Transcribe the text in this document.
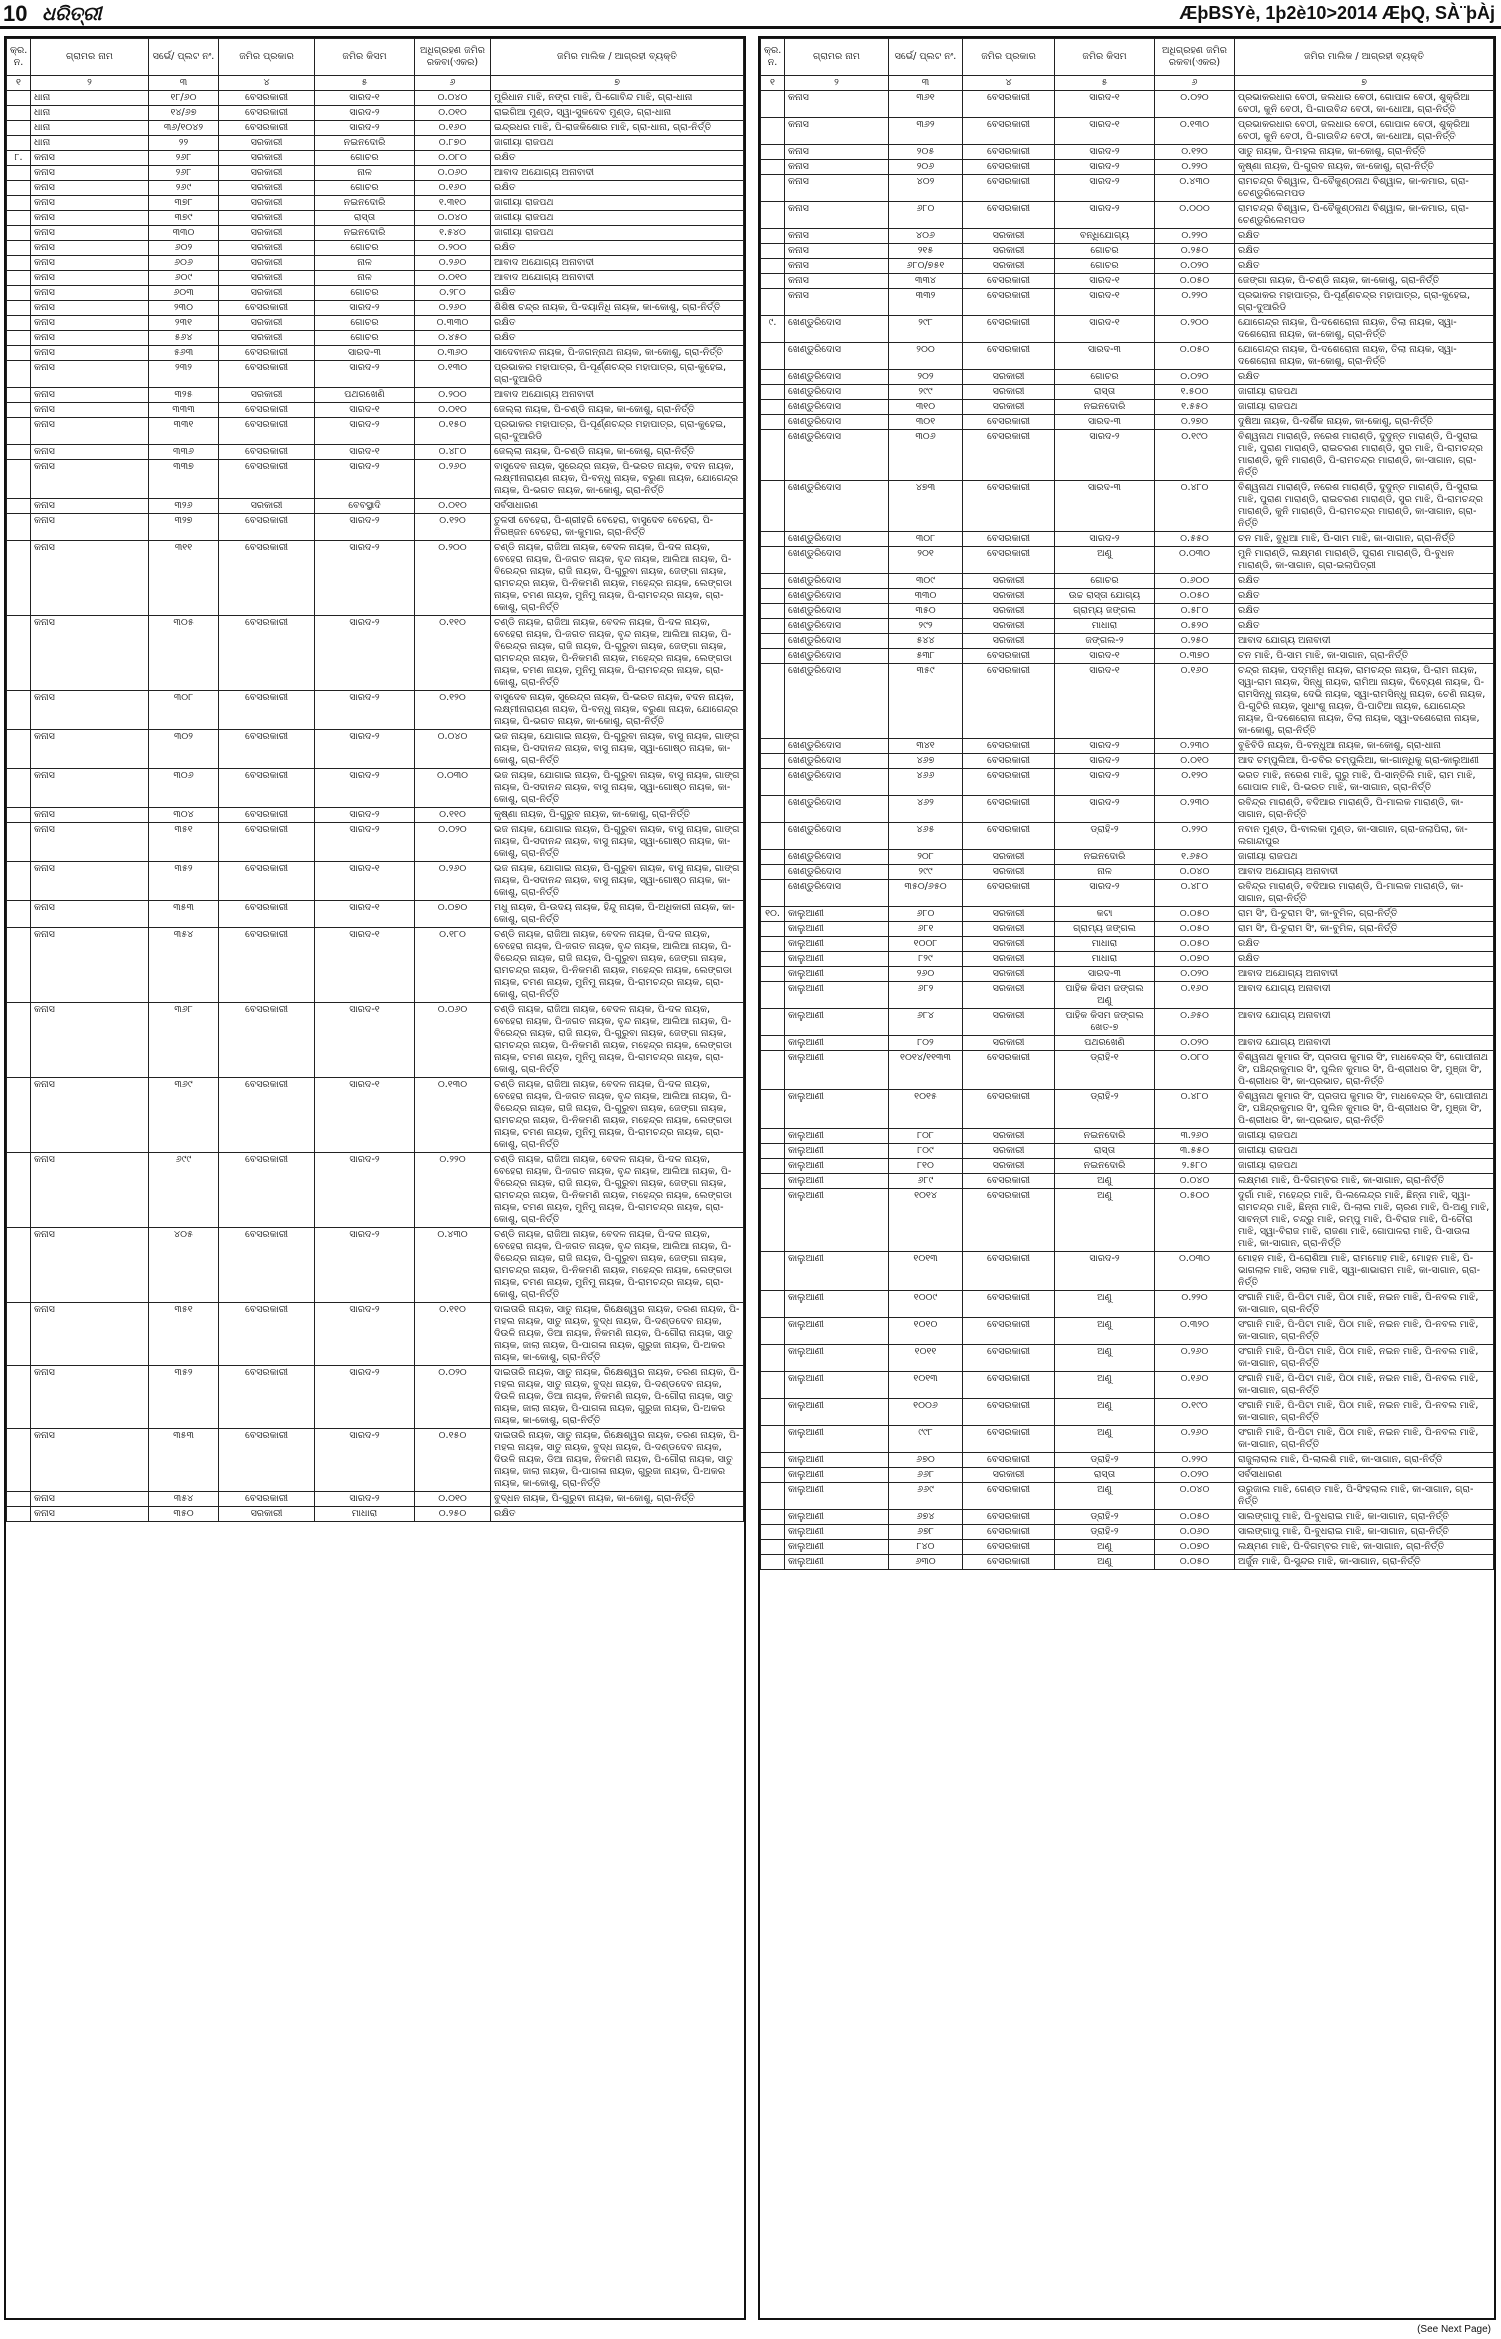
10 ଧରିତ୍ରୀ	ÆþBSYè, 1þ2è10>2014 ÆþQ, SÀ¨þÀj
କ୍ର. ନ.	ଗ୍ରାମର ନାମ	ସର୍ଭେ/ ପ୍ଲଟ ନଂ.	ଜମିର ପ୍ରକାର	ଜମିର କିସମ	ଅଧିଗ୍ରହଣ ଜମିର ରକବା(ଏକର)	ଜମିର ମାଲିକ / ଆଗ୍ରହୀ ବ୍ୟକ୍ତି
୧	୨	୩	୪	୫	୬	୭
	ଧାନା	୧୮/୬୦	ବେସରକାରୀ	ସାରଦ-୧	୦.୦୪୦	ମୁରିଧାନ ମାଝି, ନଙ୍ଗ ମାଝି, ପି-ଗୋବିନ୍ଦ ମାଝି, ଗ୍ରା-ଧାନା
	ଧାନା	୧୪/୬୭	ବେସରକାରୀ	ସାରଦ-୨	୦.୦୧୦	ରାଇଗିଆ ମୁଣ୍ଡ, ସ୍ୱା-ସୁକଦେବ ମୁଣ୍ଡ, ଗ୍ରା-ଧାନା
	ଧାନା	୩୬/୧୦୪୨	ବେସରକାରୀ	ସାରଦ-୨	୦.୧୬୦	ଇନ୍ଦ୍ରଧର ମାଝି, ପି-ରାଜକିଶୋର ମାଝି, ଗ୍ରା-ଧାନା, ଗ୍ରା-ନିର୍ତ୍ତି
	ଧାନା	୨୨	ସରକାରୀ	ନଇନଦୋରି	୦.୮୭୦	ଜାଗୀୟା ରାଜପଥ
୮.	କନାସ	୨୬୮	ସରକାରୀ	ଗୋଚର	୦.୦୮୦	ରକ୍ଷିତ
	କନାସ	୨୬୮	ସରକାରୀ	ନାଳ	୦.୦୬୦	ଆବାଦ ଅଯୋଗ୍ୟ ଅନାବାଦୀ
	କନାସ	୨୬୯	ସରକାରୀ	ଗୋଚର	୦.୧୬୦	ରକ୍ଷିତ
	କନାସ	୩୭୮	ସରକାରୀ	ନଇନଦୋରି	୧.୩୧୦	ଜାଗୀୟା ରାଜପଥ
	କନାସ	୩୭୯	ସରକାରୀ	ରାସ୍ତା	୦.୦୪୦	ଜାଗୀୟା ରାଜପଥ
	କନାସ	୩୩୦	ସରକାରୀ	ନଇନଦୋରି	୧.୫୪୦	ଜାଗୀୟା ରାଜପଥ
	କନାସ	୬୦୨	ସରକାରୀ	ଗୋଚର	୦.୨୦୦	ରକ୍ଷିତ
	କନାସ	୬୦୬	ସରକାରୀ	ନାଳ	୦.୨୬୦	ଆବାଦ ଅଯୋଗ୍ୟ ଅନାବାଦୀ
	କନାସ	୬୦୯	ସରକାରୀ	ନାଳ	୦.୦୧୦	ଆବାଦ ଅଯୋଗ୍ୟ ଅନାବାଦୀ
	କନାସ	୬୦୩	ସରକାରୀ	ଗୋଚର	୦.୨୮୦	ରକ୍ଷିତ
	କନାସ	୨୩୦	ବେସରକାରୀ	ସାରଦ-୨	୦.୨୬୦	ଶିଶିଷ ଚନ୍ଦ୍ର ନାୟକ, ପି-ଦୟାନିଧି ନାୟକ, କା-କୋଶୁ, ଗ୍ରା-ନିର୍ତ୍ତି
	କନାସ	୨୩୧	ସରକାରୀ	ଗୋଚର	୦.୩୩୦	ରକ୍ଷିତ
	କନାସ	୫୬୪	ସରକାରୀ	ଗୋଚର	୦.୪୫୦	ରକ୍ଷିତ
	କନାସ	୫୬୩	ବେସରକାରୀ	ସାରଦ-୩	୦.୩୬୦	ସାଦେବାନନ୍ଦ ନାୟକ, ପି-ଜଗନ୍ନାଥ ନାୟକ, କା-କୋଶୁ, ଗ୍ରା-ନିର୍ତ୍ତି
	କନାସ	୨୩୨	ବେସରକାରୀ	ସାରଦ-୨	୦.୧୩୦	ପ୍ରଭାକର ମହାପାତ୍ର, ପି-ପୂର୍ଣ୍ଣଚନ୍ଦ୍ର ମହାପାତ୍ର, ଗ୍ରା-କୁହେଇ, ଗ୍ରା-ଦୁଆରିଡି
	କନାସ	୩୨୫	ସରକାରୀ	ପଥରଖେଣି	୦.୨୦୦	ଆବାଦ ଅଯୋଗ୍ୟ ଅନାବାଦୀ
	କନାସ	୩୩୩	ବେସରକାରୀ	ସାରଦ-୧	୦.୦୧୦	ଜେଲ୍ଲା ନାୟକ, ପି-ଚଣ୍ଡି ନାୟକ, କା-କୋଶୁ, ଗ୍ରା-ନିର୍ତ୍ତି
	କନାସ	୩୩୧	ବେସରକାରୀ	ସାରଦ-୨	୦.୧୫୦	ପ୍ରଭାକର ମହାପାତ୍ର, ପି-ପୂର୍ଣ୍ଣଚନ୍ଦ୍ର ମହାପାତ୍ର, ଗ୍ରା-କୁହେଇ, ଗ୍ରା-ଦୁଆରିଡି
	କନାସ	୩୩୬	ବେସରକାରୀ	ସାରଦ-୧	୦.୪୮୦	ଜେଲ୍ଲା ନାୟକ, ପି-ଚଣ୍ଡି ନାୟକ, କା-କୋଶୁ, ଗ୍ରା-ନିର୍ତ୍ତି
	କନାସ	୩୩୭	ବେସରକାରୀ	ସାରଦ-୨	୦.୨୬୦	ବାସୁଦେବ ନାୟକ, ସୁରେନ୍ଦ୍ର ନାୟକ, ପି-ଭରତ ନାୟକ, ବଦନ ନାୟକ, ଲକ୍ଷ୍ମୀନାରାୟଣ ନାୟକ, ପି-ବନ୍ଧୁ ନାୟକ, ବରୁଣା ନାୟକ, ଯୋଗେନ୍ଦ୍ର ନାୟକ, ପି-ଭଗତ ନାୟକ, କା-କୋଶୁ, ଗ୍ରା-ନିର୍ତ୍ତି
	କନାସ	୩୨୬	ସରକାରୀ	ବେବସ୍ଥାଦି	୦.୦୧୦	ସର୍ବସାଧାରଣ
	କନାସ	୩୨୭	ବେସରକାରୀ	ସାରଦ-୨	୦.୧୨୦	ତୁଳସୀ ବେହେରା, ପି-ଶ୍ରୀହରି ବେହେରା, ବାସୁଦେବ ବେହେରା, ପି-ନିରଞ୍ଜନ ବେହେରା, କା-କୁମାର, ଗ୍ରା-ନିର୍ତ୍ତି
	କନାସ	୩୧୧	ବେସରକାରୀ	ସାରଦ-୨	୦.୨୦୦	ଚଣ୍ଡି ନାୟକ, ରାଜିଆ ନାୟକ, ବେଦଳ ନାୟକ, ପି-ଦଳ ନାୟକ, ବେହେରା ନାୟକ, ପି-ଜଗତ ନାୟକ, ବୃନ୍ଦ ନାୟକ, ଆଲିଆ ନାୟକ, ପି-ବିରେନ୍ଦ୍ର ନାୟକ, ରାଜି ନାୟକ, ପି-ଗୁରୁବା ନାୟକ, ଜେଙ୍ଗା ନାୟକ, ରାମଚନ୍ଦ୍ର ନାୟକ, ପି-ନିକମଣି ନାୟକ, ମହେନ୍ଦ୍ର ନାୟକ, ଲେଙ୍ଗଡା ନାୟକ, ଚମଣ ନାୟକ, ମୁନିମୁ ନାୟକ, ପି-ରାମଚନ୍ଦ୍ର ନାୟକ, ଗ୍ରା-କୋଶୁ, ଗ୍ରା-ନିର୍ତ୍ତି
	କନାସ	୩୦୫	ବେସରକାରୀ	ସାରଦ-୨	୦.୧୧୦	ଚଣ୍ଡି ନାୟକ, ରାଜିଆ ନାୟକ, ବେଦଳ ନାୟକ, ପି-ଦଳ ନାୟକ, ବେହେରା ନାୟକ, ପି-ଜଗତ ନାୟକ, ବୃନ୍ଦ ନାୟକ, ଆଲିଆ ନାୟକ, ପି-ବିରେନ୍ଦ୍ର ନାୟକ, ରାଜି ନାୟକ, ପି-ଗୁରୁବା ନାୟକ, ଜେଙ୍ଗା ନାୟକ, ରାମଚନ୍ଦ୍ର ନାୟକ, ପି-ନିକମଣି ନାୟକ, ମହେନ୍ଦ୍ର ନାୟକ, ଲେଙ୍ଗଡା ନାୟକ, ଚମଣ ନାୟକ, ମୁନିମୁ ନାୟକ, ପି-ରାମଚନ୍ଦ୍ର ନାୟକ, ଗ୍ରା-କୋଶୁ, ଗ୍ରା-ନିର୍ତ୍ତି
	କନାସ	୩୦୮	ବେସରକାରୀ	ସାରଦ-୨	୦.୧୨୦	ବାସୁଦେବ ନାୟକ, ସୁରେନ୍ଦ୍ର ନାୟକ, ପି-ଭରତ ନାୟକ, ବଦନ ନାୟକ, ଲକ୍ଷ୍ମୀନାରାୟଣ ନାୟକ, ପି-ବନ୍ଧୁ ନାୟକ, ବରୁଣା ନାୟକ, ଯୋଗେନ୍ଦ୍ର ନାୟକ, ପି-ଭଗତ ନାୟକ, କା-କୋଶୁ, ଗ୍ରା-ନିର୍ତ୍ତି
	କନାସ	୩୦୨	ବେସରକାରୀ	ସାରଦ-୨	୦.୦୪୦	ଭଜ ନାୟକ, ଯୋଗାଇ ନାୟକ, ପି-ଗୁରୁବା ନାୟକ, ବାସୁ ନାୟକ, ଗାଙ୍ଗ ନାୟକ, ପି-ସଦାନନ୍ଦ ନାୟକ, ବାସୁ ନାୟକ, ସ୍ୱା-ଗୋଷ୍ଠ ନାୟକ, କା-କୋଶୁ, ଗ୍ରା-ନିର୍ତ୍ତି
	କନାସ	୩୦୬	ବେସରକାରୀ	ସାରଦ-୨	୦.୦୩୦	ଭଜ ନାୟକ, ଯୋଗାଇ ନାୟକ, ପି-ଗୁରୁବା ନାୟକ, ବାସୁ ନାୟକ, ଗାଙ୍ଗ ନାୟକ, ପି-ସଦାନନ୍ଦ ନାୟକ, ବାସୁ ନାୟକ, ସ୍ୱା-ଗୋଷ୍ଠ ନାୟକ, କା-କୋଶୁ, ଗ୍ରା-ନିର୍ତ୍ତି
	କନାସ	୩୦୪	ବେସରକାରୀ	ସାରଦ-୨	୦.୧୧୦	କୃଷ୍ଣା ନାୟକ, ପି-ଗୁରୁବ ନାୟକ, କା-କୋଶୁ, ଗ୍ରା-ନିର୍ତ୍ତି
	କନାସ	୩୫୧	ବେସରକାରୀ	ସାରଦ-୨	୦.୦୨୦	ଭଜ ନାୟକ, ଯୋଗାଇ ନାୟକ, ପି-ଗୁରୁବା ନାୟକ, ବାସୁ ନାୟକ, ଗାଙ୍ଗ ନାୟକ, ପି-ସଦାନନ୍ଦ ନାୟକ, ବାସୁ ନାୟକ, ସ୍ୱା-ଗୋଷ୍ଠ ନାୟକ, କା-କୋଶୁ, ଗ୍ରା-ନିର୍ତ୍ତି
	କନାସ	୩୫୨	ବେସରକାରୀ	ସାରଦ-୧	୦.୨୬୦	ଭଜ ନାୟକ, ଯୋଗାଇ ନାୟକ, ପି-ଗୁରୁବା ନାୟକ, ବାସୁ ନାୟକ, ଗାଙ୍ଗ ନାୟକ, ପି-ସଦାନନ୍ଦ ନାୟକ, ବାସୁ ନାୟକ, ସ୍ୱା-ଗୋଷ୍ଠ ନାୟକ, କା-କୋଶୁ, ଗ୍ରା-ନିର୍ତ୍ତି
	କନାସ	୩୫୩	ବେସରକାରୀ	ସାରଦ-୧	୦.୦୭୦	ମଧୁ ନାୟକ, ପି-ଉଦୟ ନାୟକ, ହିନ୍ଦୁ ନାୟକ, ପି-ଅଧିକାରୀ ନାୟକ, କା-କୋଶୁ, ଗ୍ରା-ନିର୍ତ୍ତି
	କନାସ	୩୫୪	ବେସରକାରୀ	ସାରଦ-୧	୦.୧୮୦	ଚଣ୍ଡି ନାୟକ, ରାଜିଆ ନାୟକ, ବେଦଳ ନାୟକ, ପି-ଦଳ ନାୟକ, ବେହେରା ନାୟକ, ପି-ଜଗତ ନାୟକ, ବୃନ୍ଦ ନାୟକ, ଆଲିଆ ନାୟକ, ପି-ବିରେନ୍ଦ୍ର ନାୟକ, ରାଜି ନାୟକ, ପି-ଗୁରୁବା ନାୟକ, ଜେଙ୍ଗା ନାୟକ, ରାମଚନ୍ଦ୍ର ନାୟକ, ପି-ନିକମଣି ନାୟକ, ମହେନ୍ଦ୍ର ନାୟକ, ଲେଙ୍ଗଡା ନାୟକ, ଚମଣ ନାୟକ, ମୁନିମୁ ନାୟକ, ପି-ରାମଚନ୍ଦ୍ର ନାୟକ, ଗ୍ରା-କୋଶୁ, ଗ୍ରା-ନିର୍ତ୍ତି
	କନାସ	୩୬୮	ବେସରକାରୀ	ସାରଦ-୧	୦.୦୬୦	ଚଣ୍ଡି ନାୟକ, ରାଜିଆ ନାୟକ, ବେଦଳ ନାୟକ, ପି-ଦଳ ନାୟକ, ବେହେରା ନାୟକ, ପି-ଜଗତ ନାୟକ, ବୃନ୍ଦ ନାୟକ, ଆଲିଆ ନାୟକ, ପି-ବିରେନ୍ଦ୍ର ନାୟକ, ରାଜି ନାୟକ, ପି-ଗୁରୁବା ନାୟକ, ଜେଙ୍ଗା ନାୟକ, ରାମଚନ୍ଦ୍ର ନାୟକ, ପି-ନିକମଣି ନାୟକ, ମହେନ୍ଦ୍ର ନାୟକ, ଲେଙ୍ଗଡା ନାୟକ, ଚମଣ ନାୟକ, ମୁନିମୁ ନାୟକ, ପି-ରାମଚନ୍ଦ୍ର ନାୟକ, ଗ୍ରା-କୋଶୁ, ଗ୍ରା-ନିର୍ତ୍ତି
	କନାସ	୩୬୯	ବେସରକାରୀ	ସାରଦ-୧	୦.୧୩୦	ଚଣ୍ଡି ନାୟକ, ରାଜିଆ ନାୟକ, ବେଦଳ ନାୟକ, ପି-ଦଳ ନାୟକ, ବେହେରା ନାୟକ, ପି-ଜଗତ ନାୟକ, ବୃନ୍ଦ ନାୟକ, ଆଲିଆ ନାୟକ, ପି-ବିରେନ୍ଦ୍ର ନାୟକ, ରାଜି ନାୟକ, ପି-ଗୁରୁବା ନାୟକ, ଜେଙ୍ଗା ନାୟକ, ରାମଚନ୍ଦ୍ର ନାୟକ, ପି-ନିକମଣି ନାୟକ, ମହେନ୍ଦ୍ର ନାୟକ, ଲେଙ୍ଗଡା ନାୟକ, ଚମଣ ନାୟକ, ମୁନିମୁ ନାୟକ, ପି-ରାମଚନ୍ଦ୍ର ନାୟକ, ଗ୍ରା-କୋଶୁ, ଗ୍ରା-ନିର୍ତ୍ତି
	କନାସ	୬୯୯	ବେସରକାରୀ	ସାରଦ-୨	୦.୨୨୦	ଚଣ୍ଡି ନାୟକ, ରାଜିଆ ନାୟକ, ବେଦଳ ନାୟକ, ପି-ଦଳ ନାୟକ, ବେହେରା ନାୟକ, ପି-ଜଗତ ନାୟକ, ବୃନ୍ଦ ନାୟକ, ଆଲିଆ ନାୟକ, ପି-ବିରେନ୍ଦ୍ର ନାୟକ, ରାଜି ନାୟକ, ପି-ଗୁରୁବା ନାୟକ, ଜେଙ୍ଗା ନାୟକ, ରାମଚନ୍ଦ୍ର ନାୟକ, ପି-ନିକମଣି ନାୟକ, ମହେନ୍ଦ୍ର ନାୟକ, ଲେଙ୍ଗଡା ନାୟକ, ଚମଣ ନାୟକ, ମୁନିମୁ ନାୟକ, ପି-ରାମଚନ୍ଦ୍ର ନାୟକ, ଗ୍ରା-କୋଶୁ, ଗ୍ରା-ନିର୍ତ୍ତି
	କନାସ	୪୦୫	ବେସରକାରୀ	ସାରଦ-୨	୦.୪୩୦	ଚଣ୍ଡି ନାୟକ, ରାଜିଆ ନାୟକ, ବେଦଳ ନାୟକ, ପି-ଦଳ ନାୟକ, ବେହେରା ନାୟକ, ପି-ଜଗତ ନାୟକ, ବୃନ୍ଦ ନାୟକ, ଆଲିଆ ନାୟକ, ପି-ବିରେନ୍ଦ୍ର ନାୟକ, ରାଜି ନାୟକ, ପି-ଗୁରୁବା ନାୟକ, ଜେଙ୍ଗା ନାୟକ, ରାମଚନ୍ଦ୍ର ନାୟକ, ପି-ନିକମଣି ନାୟକ, ମହେନ୍ଦ୍ର ନାୟକ, ଲେଙ୍ଗଡା ନାୟକ, ଚମଣ ନାୟକ, ମୁନିମୁ ନାୟକ, ପି-ରାମଚନ୍ଦ୍ର ନାୟକ, ଗ୍ରା-କୋଶୁ, ଗ୍ରା-ନିର୍ତ୍ତି
	କନାସ	୩୫୧	ବେସରକାରୀ	ସାରଦ-୨	୦.୧୧୦	ଦାଇତାରି ନାୟକ, ସାତୁ ନାୟକ, ରିକ୍ଷେଶ୍ୱର ନାୟକ, ତରଣ ନାୟକ, ପି-ମହଲ ନାୟକ, ସାତୁ ନାୟକ, ବୁଦ୍ଧ ନାୟକ, ପି-ଦଣ୍ଡଦେବ ନାୟକ, ଦିଉଳି ନାୟକ, ଡିଆ ନାୟକ, ନିକମଣି ନାୟକ, ପି-ଗୌରା ନାୟକ, ସାତୁ ନାୟକ, ଜାଲା ନାୟକ, ପି-ପାଗଳା ନାୟକ, ଗୁରୁଜା ନାୟକ, ପି-ଅକର ନାୟକ, କା-କୋଶୁ, ଗ୍ରା-ନିର୍ତ୍ତି
	କନାସ	୩୫୨	ବେସରକାରୀ	ସାରଦ-୨	୦.୦୨୦	ଦାଇତାରି ନାୟକ, ସାତୁ ନାୟକ, ରିକ୍ଷେଶ୍ୱର ନାୟକ, ତରଣ ନାୟକ, ପି-ମହଲ ନାୟକ, ସାତୁ ନାୟକ, ବୁଦ୍ଧ ନାୟକ, ପି-ଦଣ୍ଡଦେବ ନାୟକ, ଦିଉଳି ନାୟକ, ଡିଆ ନାୟକ, ନିକମଣି ନାୟକ, ପି-ଗୌରା ନାୟକ, ସାତୁ ନାୟକ, ଜାଲା ନାୟକ, ପି-ପାଗଳା ନାୟକ, ଗୁରୁଜା ନାୟକ, ପି-ଅକର ନାୟକ, କା-କୋଶୁ, ଗ୍ରା-ନିର୍ତ୍ତି
	କନାସ	୩୫୩	ବେସରକାରୀ	ସାରଦ-୨	୦.୧୫୦	ଦାଇତାରି ନାୟକ, ସାତୁ ନାୟକ, ରିକ୍ଷେଶ୍ୱର ନାୟକ, ତରଣ ନାୟକ, ପି-ମହଲ ନାୟକ, ସାତୁ ନାୟକ, ବୁଦ୍ଧ ନାୟକ, ପି-ଦଣ୍ଡଦେବ ନାୟକ, ଦିଉଳି ନାୟକ, ଡିଆ ନାୟକ, ନିକମଣି ନାୟକ, ପି-ଗୌରା ନାୟକ, ସାତୁ ନାୟକ, ଜାଲା ନାୟକ, ପି-ପାଗଳା ନାୟକ, ଗୁରୁଜା ନାୟକ, ପି-ଅକର ନାୟକ, କା-କୋଶୁ, ଗ୍ରା-ନିର୍ତ୍ତି
	କନାସ	୩୫୪	ବେସରକାରୀ	ସାରଦ-୨	୦.୦୧୦	ବୁଦ୍ଧନ ନାୟକ, ପି-ଗୁରୁବା ନାୟକ, କା-କୋଶୁ, ଗ୍ରା-ନିର୍ତ୍ତି
	କନାସ	୩୫୦	ସରକାରୀ	ମାଧାରା	୦.୨୫୦	ରକ୍ଷିତ
କ୍ର. ନ.	ଗ୍ରାମର ନାମ	ସର୍ଭେ/ ପ୍ଲଟ ନଂ.	ଜମିର ପ୍ରକାର	ଜମିର କିସମ	ଅଧିଗ୍ରହଣ ଜମିର ରକବା(ଏକର)	ଜମିର ମାଲିକ / ଆଗ୍ରହୀ ବ୍ୟକ୍ତି
୧	୨	୩	୪	୫	୬	୭
	କନାସ	୩୬୧	ବେସରକାରୀ	ସାରଦ-୧	୦.୦୨୦	ପ୍ରଭାକରଧାର ବେଠୀ, ଜଲଧାର ବେଠୀ, ଗୋପାଳ ବେଠୀ, ଶୁକ୍ରିଆ ବେଠୀ, କୁନି ବେଠୀ, ପି-ଗାଉବିନ୍ଦ ବେଠୀ, କା-ଧୋଆ, ଗ୍ରା-ନିର୍ତ୍ତି
	କନାସ	୩୬୨	ବେସରକାରୀ	ସାରଦ-୧	୦.୧୩୦	ପ୍ରଭାକରଧାର ବେଠୀ, ଜଲଧାର ବେଠୀ, ଗୋପାଳ ବେଠୀ, ଶୁକ୍ରିଆ ବେଠୀ, କୁନି ବେଠୀ, ପି-ଗାଉବିନ୍ଦ ବେଠୀ, କା-ଧୋଆ, ଗ୍ରା-ନିର୍ତ୍ତି
	କନାସ	୨୦୫	ବେସରକାରୀ	ସାରଦ-୨	୦.୧୨୦	ସାତୁ ନାୟକ, ପି-ମହଲ ନାୟକ, କା-କୋଶୁ, ଗ୍ରା-ନିର୍ତ୍ତି
	କନାସ	୨୦୬	ବେସରକାରୀ	ସାରଦ-୨	୦.୨୨୦	କୃଷ୍ଣା ନାୟକ, ପି-ଗୁରବ ନାୟକ, କା-କୋଶୁ, ଗ୍ରା-ନିର୍ତ୍ତି
	କନାସ	୪୦୨	ବେସରକାରୀ	ସାରଦ-୨	୦.୪୩୦	ରାମଚନ୍ଦ୍ର ବିଶ୍ୱାଳ, ପି-ବୈକୁଣ୍ଠନାଥ ବିଶ୍ୱାଳ, କା-କମାର, ଗ୍ରା-ଚେଣ୍ଡୁରିଲେମପଡ
	କନାସ	୬୮୦	ବେସରକାରୀ	ସାରଦ-୨	୦.୦୦୦	ରାମଚନ୍ଦ୍ର ବିଶ୍ୱାଳ, ପି-ବୈକୁଣ୍ଠନାଥ ବିଶ୍ୱାଳ, କା-କମାର, ଗ୍ରା-ଚେଣ୍ଡୁରିଲେମପଡ
	କନାସ	୪୦୬	ସରକାରୀ	ବନ୍ଧିଯୋଗ୍ୟ	୦.୨୨୦	ରକ୍ଷିତ
	କନାସ	୨୧୫	ସରକାରୀ	ଗୋଚର	୦.୨୫୦	ରକ୍ଷିତ
	କନାସ	୬୮୦/୭୫୧	ସରକାରୀ	ଗୋଚର	୦.୦୨୦	ରକ୍ଷିତ
	କନାସ	୩୩୪	ବେସରକାରୀ	ସାରଦ-୧	୦.୦୫୦	ଜେଙ୍ଗା ନାୟକ, ପି-ଚଣ୍ଡି ନାୟକ, କା-କୋଶୁ, ଗ୍ରା-ନିର୍ତ୍ତି
	କନାସ	୩୩୨	ବେସରକାରୀ	ସାରଦ-୧	୦.୨୨୦	ପ୍ରଭାକର ମହାପାତ୍ର, ପି-ପୂର୍ଣ୍ଣଚନ୍ଦ୍ର ମହାପାତ୍ର, ଗ୍ରା-କୁହେଇ, ଗ୍ରା-ଦୁଆରିଡି
୯.	ଖେଣ୍ଡୁରିଦୋସ	୨୯୮	ବେସରକାରୀ	ସାରଦ-୧	୦.୨୦୦	ଯୋଗେନ୍ଦ୍ର ନାୟକ, ପି-ଦଶେରୋନା ନାୟକ, ତିଲା ନାୟକ, ସ୍ୱା-ଦଶେରୋନା ନାୟକ, କା-କୋଶୁ, ଗ୍ରା-ନିର୍ତ୍ତି
	ଖେଣ୍ଡୁରିଦୋସ	୨୦୦	ବେସରକାରୀ	ସାରଦ-୩	୦.୦୫୦	ଯୋଗେନ୍ଦ୍ର ନାୟକ, ପି-ଦଶେରୋନା ନାୟକ, ତିଲା ନାୟକ, ସ୍ୱା-ଦଶେରୋନା ନାୟକ, କା-କୋଶୁ, ଗ୍ରା-ନିର୍ତ୍ତି
	ଖେଣ୍ଡୁରିଦୋସ	୨୦୨	ସରକାରୀ	ଗୋଚର	୦.୦୨୦	ରକ୍ଷିତ
	ଖେଣ୍ଡୁରିଦୋସ	୨୯୯	ସରକାରୀ	ରାସ୍ତା	୧.୫୦୦	ଜାଗୀୟା ରାଜପଥ
	ଖେଣ୍ଡୁରିଦୋସ	୩୧୦	ସରକାରୀ	ନଇନଦୋରି	୧.୫୫୦	ଜାଗୀୟା ରାଜପଥ
	ଖେଣ୍ଡୁରିଦୋସ	୩୦୧	ବେସରକାରୀ	ସାରଦ-୩	୦.୨୭୦	ଦୁଷିଆ ନାୟକ, ପି-ଦର୍ଶିକ ନାୟକ, କା-କୋଶୁ, ଗ୍ରା-ନିର୍ତ୍ତି
	ଖେଣ୍ଡୁରିଦୋସ	୩୦୬	ବେସରକାରୀ	ସାରଦ-୨	୦.୧୯୦	ବିଶ୍ୱନାଥ ମାରାଣ୍ଡି, ନରେଶ ମାରାଣ୍ଡି, ଦୁଦୁନ୍ତ ମାରାଣ୍ଡି, ପି-ସୁରାଇ ମାଝି, ପୁରାଣ ମାରାଣ୍ଡି, ରାଇଚରଣ ମାରାଣ୍ଡି, ସୁର ମାଝି, ପି-ରାମଚନ୍ଦ୍ର ମାରାଣ୍ଡି, କୁନି ମାରାଣ୍ଡି, ପି-ରାମଚନ୍ଦ୍ର ମାରାଣ୍ଡି, କା-ସାଗାନ, ଗ୍ରା-ନିର୍ତ୍ତି
	ଖେଣ୍ଡୁରିଦୋସ	୪୭୩	ବେସରକାରୀ	ସାରଦ-୩	୦.୪୮୦	ବିଶ୍ୱନାଥ ମାରାଣ୍ଡି, ନରେଶ ମାରାଣ୍ଡି, ଦୁଦୁନ୍ତ ମାରାଣ୍ଡି, ପି-ସୁରାଇ ମାଝି, ପୁରାଣ ମାରାଣ୍ଡି, ରାଇଚରଣ ମାରାଣ୍ଡି, ସୁର ମାଝି, ପି-ରାମଚନ୍ଦ୍ର ମାରାଣ୍ଡି, କୁନି ମାରାଣ୍ଡି, ପି-ରାମଚନ୍ଦ୍ର ମାରାଣ୍ଡି, କା-ସାଗାନ, ଗ୍ରା-ନିର୍ତ୍ତି
	ଖେଣ୍ଡୁରିଦୋସ	୩୦୮	ବେସରକାରୀ	ସାରଦ-୨	୦.୫୫୦	ଚନ ମାଝି, ବୁଧିଆ ମାଝି, ପି-ସାମ ମାଝି, କା-ସାଗାନ, ଗ୍ରା-ନିର୍ତ୍ତି
	ଖେଣ୍ଡୁରିଦୋସ	୨୦୧	ବେସରକାରୀ	ଅଣୁ	୦.୦୩୦	ମୁନି ମାରାଣ୍ଡି, ଲକ୍ଷ୍ମଣ ମାରାଣ୍ଡି, ପୁରାଣ ମାରାଣ୍ଡି, ପି-ବୁଧନ ମାରାଣ୍ଡି, କା-ସାଗାନ, ଗ୍ରା-ଇଲାପିତ୍ରୀ
	ଖେଣ୍ଡୁରିଦୋସ	୩୦୯	ସରକାରୀ	ଗୋଚର	୦.୬୦୦	ରକ୍ଷିତ
	ଖେଣ୍ଡୁରିଦୋସ	୩୩୦	ସରକାରୀ	ଉଚ୍ଚ ରାସ୍ତା ଯୋଗ୍ୟ	୦.୦୫୦	ରକ୍ଷିତ
	ଖେଣ୍ଡୁରିଦୋସ	୩୫୦	ସରକାରୀ	ଗ୍ରାମ୍ୟ ଜଙ୍ଗଲ	୦.୫୮୦	ରକ୍ଷିତ
	ଖେଣ୍ଡୁରିଦୋସ	୨୯୨	ସରକାରୀ	ମାଧାରା	୦.୫୨୦	ରକ୍ଷିତ
	ଖେଣ୍ଡୁରିଦୋସ	୫୪୪	ସରକାରୀ	ଜଙ୍ଗଲ-୨	୦.୨୫୦	ଆବାଦ ଯୋଗ୍ୟ ଅନାବାଦୀ
	ଖେଣ୍ଡୁରିଦୋସ	୫୩୮	ବେସରକାରୀ	ସାରଦ-୧	୦.୩୭୦	ଚନ ମାଝି, ପି-ସାମ ମାଝି, କା-ସାଗାନ, ଗ୍ରା-ନିର୍ତ୍ତି
	ଖେଣ୍ଡୁରିଦୋସ	୩୫୯	ବେସରକାରୀ	ସାରଦ-୧	୦.୧୬୦	ଚନ୍ଦ୍ର ନାୟକ, ପଦ୍ମନିଧି ନାୟକ, ରାମଚନ୍ଦ୍ର ନାୟକ, ପି-ରାମ ନାୟକ, ସ୍ୱା-ରାମ ନାୟକ, ସିନ୍ଧୁ ନାୟକ, ରାମିଆ ନାୟକ, ଦିବ୍ୟେଶ ନାୟକ, ପି-ରାମସିନ୍ଧୁ ନାୟକ, ଦେଭି ନାୟକ, ସ୍ୱା-ରାମସିନ୍ଧୁ ନାୟକ, ଚେଣି ନାୟକ, ପି-ଗୁଟିରି ନାୟକ, ସୁଧାଂଶୁ ନାୟକ, ପି-ପାଟିଆ ନାୟକ, ଯୋଗେନ୍ଦ୍ର ନାୟକ, ପି-ଦଶେରୋନା ନାୟକ, ତିଲା ନାୟକ, ସ୍ୱା-ଦଶେରୋନା ନାୟକ, କା-କୋଶୁ, ଗ୍ରା-ନିର୍ତ୍ତି
	ଖେଣ୍ଡୁରିଦୋସ	୩୪୧	ବେସରକାରୀ	ସାରଦ-୨	୦.୨୩୦	ବୁଝିବିଡି ନାୟକ, ପି-ବନ୍ଧୁଆ ନାୟକ, କା-କୋଶୁ, ଗ୍ରା-ଧାନା
	ଖେଣ୍ଡୁରିଦୋସ	୪୬୭	ବେସରକାରୀ	ସାରଦ-୨	୦.୦୧୦	ଆଦ ଚମ୍ପୁଲିଆ, ପି-ଚବିର ଚମ୍ପୁଲିଆ, କା-ଗାନ୍ଧିକୁ ଗ୍ରା-କାଲୁଆଣୀ
	ଖେଣ୍ଡୁରିଦୋସ	୪୬୬	ବେସରକାରୀ	ସାରଦ-୨	୦.୧୨୦	ଭରତ ମାଝି, ନରେଶ ମାଝି, ଗୁରୁ ମାଝି, ପି-ସାନ୍ତିଲି ମାଝି, ରାମ ମାଝି, ଗୋପାଳ ମାଝି, ପି-ଭରତ ମାଝି, କା-ସାଗାନ, ଗ୍ରା-ନିର୍ତ୍ତି
	ଖେଣ୍ଡୁରିଦୋସ	୪୬୨	ବେସରକାରୀ	ସାରଦ-୨	୦.୨୩୦	ରବିନ୍ଦ୍ର ମାରାଣ୍ଡି, ବଦିଆର ମାରାଣ୍ଡି, ପି-ମାଲକ ମାରାଣ୍ଡି, କା-ସାଗାନ, ଗ୍ରା-ନିର୍ତ୍ତି
	ଖେଣ୍ଡୁରିଦୋସ	୪୬୫	ବେସରକାରୀ	ଡ୍ରାହି-୨	୦.୨୨୦	ନବାନ ମୁଣ୍ଡ, ପି-ବାଲକା ମୁଣ୍ଡ, କା-ସାଗାନ, ଗ୍ରା-ଜଲାପିଲା, କା-ଲଗାନ୍ଦାପୁର
	ଖେଣ୍ଡୁରିଦୋସ	୨୦୮	ସରକାରୀ	ନଇନଦୋରି	୧.୬୫୦	ଜାଗୀୟା ରାଜପଥ
	ଖେଣ୍ଡୁରିଦୋସ	୨୯୯	ସରକାରୀ	ନାଳ	୦.୦୪୦	ଆବାଦ ଅଯୋଗ୍ୟ ଅନାବାଦୀ
	ଖେଣ୍ଡୁରିଦୋସ	୩୫୦/୬୫୦	ବେସରକାରୀ	ସାରଦ-୨	୦.୪୮୦	ରବିନ୍ଦ୍ର ମାରାଣ୍ଡି, ବଦିଆର ମାରାଣ୍ଡି, ପି-ମାଲକ ମାରାଣ୍ଡି, କା-ସାଗାନ, ଗ୍ରା-ନିର୍ତ୍ତି
୧୦.	କାଲୁଆଣୀ	୬୮୦	ସରକାରୀ	କଟା	୦.୦୫୦	ରାମ ସିଂ, ପି-ଚୁରାମ ସିଂ, କା-ବୁମିଳ, ଗ୍ରା-ନିର୍ତ୍ତି
	କାଲୁଆଣୀ	୬୮୧	ସରକାରୀ	ଗ୍ରାମ୍ୟ ଜଙ୍ଗଲ	୦.୦୫୦	ରାମ ସିଂ, ପି-ଚୁରାମ ସିଂ, କା-ବୁମିଳ, ଗ୍ରା-ନିର୍ତ୍ତି
	କାଲୁଆଣୀ	୧୦୦୮	ସରକାରୀ	ମାଧାରା	୦.୦୫୦	ରକ୍ଷିତ
	କାଲୁଆଣୀ	୮୨୯	ସରକାରୀ	ମାଧାରା	୦.୦୭୦	ରକ୍ଷିତ
	କାଲୁଆଣୀ	୨୬୦	ସରକାରୀ	ସାରଦ-୩	୦.୦୨୦	ଆବାଦ ଅଯୋଗ୍ୟ ଅନାବାଦୀ
	କାଲୁଆଣୀ	୬୮୨	ସରକାରୀ	ପାହିକ କିସମ ଜଙ୍ଗଲ ଅଣୁ	୦.୧୬୦	ଆବାଦ ଯୋଗ୍ୟ ଅନାବାଦୀ
	କାଲୁଆଣୀ	୬୮୪	ସରକାରୀ	ପାହିକ କିସମ ଜଙ୍ଗଲ ଖେତ-୭	୦.୬୫୦	ଆବାଦ ଯୋଗ୍ୟ ଅନାବାଦୀ
	କାଲୁଆଣୀ	୮୦୨	ସରକାରୀ	ପଥରଖେଣି	୦.୦୨୦	ଆବାଦ ଯୋଗ୍ୟ ଅନାବାଦୀ
	କାଲୁଆଣୀ	୧୦୧୪/୧୧୩୩	ବେସରକାରୀ	ଡ୍ରାହି-୧	୦.୦୮୦	ବିଶ୍ୱନାଥ କୁମାର ସିଂ, ପ୍ରତାପ କୁମାର ସିଂ, ମାଧବେନ୍ଦ୍ର ସିଂ, ଗୋପୀନାଥ ସିଂ, ପଞ୍ଚିନ୍ଦ୍ରକୁମାର ସିଂ, ପୁଲିନ କୁମାର ସିଂ, ପି-ଶ୍ରୀଧର ସିଂ, ମୁଞ୍ଜା ସିଂ, ପି-ଶ୍ରୀଧର ସିଂ, କା-ପ୍ରଭାତ, ଗ୍ରା-ନିର୍ତ୍ତି
	କାଲୁଆଣୀ	୧୦୧୫	ବେସରକାରୀ	ଡ୍ରାହି-୨	୦.୪୮୦	ବିଶ୍ୱନାଥ କୁମାର ସିଂ, ପ୍ରତାପ କୁମାର ସିଂ, ମାଧବେନ୍ଦ୍ର ସିଂ, ଗୋପୀନାଥ ସିଂ, ପଞ୍ଚିନ୍ଦ୍ରକୁମାର ସିଂ, ପୁଲିନ କୁମାର ସିଂ, ପି-ଶ୍ରୀଧର ସିଂ, ମୁଞ୍ଜା ସିଂ, ପି-ଶ୍ରୀଧର ସିଂ, କା-ପ୍ରଭାତ, ଗ୍ରା-ନିର୍ତ୍ତି
	କାଲୁଆଣୀ	୮୦୮	ସରକାରୀ	ନଇନଦୋରି	୩.୨୬୦	ଜାଗୀୟା ରାଜପଥ
	କାଲୁଆଣୀ	୮୦୯	ସରକାରୀ	ରାସ୍ତା	୩.୫୫୦	ଜାଗୀୟା ରାଜପଥ
	କାଲୁଆଣୀ	୮୧୦	ସରକାରୀ	ନଇନଦୋରି	୨.୫୮୦	ଜାଗୀୟା ରାଜପଥ
	କାଲୁଆଣୀ	୬୮୯	ବେସରକାରୀ	ଅଣୁ	୦.୦୪୦	ଲକ୍ଷ୍ମଣ ମାଝି, ପି-ଦିଗମ୍ବର ମାଝି, କା-ସାଗାନ, ଗ୍ରା-ନିର୍ତ୍ତି
	କାଲୁଆଣୀ	୧୦୧୪	ବେସରକାରୀ	ଅଣୁ	୦.୫୦୦	ଦୁର୍ଗା ମାଝି, ମହେନ୍ଦ୍ର ମାଝି, ପି-ଲଲେନ୍ଦ୍ର ମାଝି, ଛିନ୍ନା ମାଝି, ସ୍ୱା-ରାମଚନ୍ଦ୍ର ମାଝି, ଛିନ୍ନା ମାଝି, ପି-ଲାଲ ମାଝି, ଚାରଣ ମାଝି, ପି-ଅଣୁ ମାଝି, ସାବନ୍ତୀ ମାଝି, ଚନ୍ଦ୍ରୁ ମାଝି, ରମ୍ପୁ ମାଝି, ପି-ବିରାଜ ମାଝି, ପି-ଚୌରା ମାଝି, ସ୍ୱା-ବିରାଜ ମାଝି, ରାଜଣା ମାଝି, ଗୋପାଳରା ମାଝି, ପି-ସାଉଳା ମାଝି, କା-ସାଗାନ, ଗ୍ରା-ନିର୍ତ୍ତି
	କାଲୁଆଣୀ	୧୦୧୩	ବେସରକାରୀ	ସାରଦ-୨	୦.୦୩୦	ମୋହନ ମାଝି, ପି-ରୋଶିଆ ମାଝି, ରାମମୋହ ମାଝି, ମୋହନ ମାଝି, ପି-ଭାଗଲାଳ ମାଝି, ସଲାକ ମାଝି, ସ୍ୱା-ଶାଭାରାମ ମାଝି, କା-ସାଗାନ, ଗ୍ରା-ନିର୍ତ୍ତି
	କାଲୁଆଣୀ	୧୦୦୯	ବେସରକାରୀ	ଅଣୁ	୦.୨୨୦	ସଂଗାନି ମାଝି, ପି-ପିଟା ମାଝି, ପିଠା ମାଝି, ନଇନ ମାଝି, ପି-ନବଲ ମାଝି, କା-ସାଗାନ, ଗ୍ରା-ନିର୍ତ୍ତି
	କାଲୁଆଣୀ	୧୦୧୦	ବେସରକାରୀ	ଅଣୁ	୦.୩୨୦	ସଂଗାନି ମାଝି, ପି-ପିଟା ମାଝି, ପିଠା ମାଝି, ନଇନ ମାଝି, ପି-ନବଲ ମାଝି, କା-ସାଗାନ, ଗ୍ରା-ନିର୍ତ୍ତି
	କାଲୁଆଣୀ	୧୦୧୧	ବେସରକାରୀ	ଅଣୁ	୦.୨୬୦	ସଂଗାନି ମାଝି, ପି-ପିଟା ମାଝି, ପିଠା ମାଝି, ନଇନ ମାଝି, ପି-ନବଲ ମାଝି, କା-ସାଗାନ, ଗ୍ରା-ନିର୍ତ୍ତି
	କାଲୁଆଣୀ	୧୦୧୩	ବେସରକାରୀ	ଅଣୁ	୦.୧୬୦	ସଂଗାନି ମାଝି, ପି-ପିଟା ମାଝି, ପିଠା ମାଝି, ନଇନ ମାଝି, ପି-ନବଲ ମାଝି, କା-ସାଗାନ, ଗ୍ରା-ନିର୍ତ୍ତି
	କାଲୁଆଣୀ	୧୦୦୬	ବେସରକାରୀ	ଅଣୁ	୦.୧୯୦	ସଂଗାନି ମାଝି, ପି-ପିଟା ମାଝି, ପିଠା ମାଝି, ନଇନ ମାଝି, ପି-ନବଲ ମାଝି, କା-ସାଗାନ, ଗ୍ରା-ନିର୍ତ୍ତି
	କାଲୁଆଣୀ	୯୯୮	ବେସରକାରୀ	ଅଣୁ	୦.୨୬୦	ସଂଗାନି ମାଝି, ପି-ପିଟା ମାଝି, ପିଠା ମାଝି, ନଇନ ମାଝି, ପି-ନବଲ ମାଝି, କା-ସାଗାନ, ଗ୍ରା-ନିର୍ତ୍ତି
	କାଲୁଆଣୀ	୬୭୦	ବେସରକାରୀ	ଡ୍ରାହି-୨	୦.୨୨୦	ରାଜୁଲାଲାଲ ମାଝି, ପି-ଲାଲଶି ମାଝି, କା-ସାଗାନ, ଗ୍ରା-ନିର୍ତ୍ତି
	କାଲୁଆଣୀ	୬୬୮	ସରକାରୀ	ରାସ୍ତା	୦.୦୨୦	ସର୍ବସାଧାରଣ
	କାଲୁଆଣୀ	୬୬୯	ବେସରକାରୀ	ଅଣୁ	୦.୦୪୦	ଉରୁଜାଲ ମାଝି, ଗେଣ୍ଡ ମାଝି, ପି-ସିଂହଲାଲ ମାଝି, କା-ସାଗାନ, ଗ୍ରା-ନିର୍ତ୍ତି
	କାଲୁଆଣୀ	୬୭୪	ବେସରକାରୀ	ଡ୍ରାହି-୨	୦.୦୫୦	ସାଲଙ୍ଗାପୁ ମାଝି, ପି-ବୁଧରାଇ ମାଝି, କା-ସାଗାନ, ଗ୍ରା-ନିର୍ତ୍ତି
	କାଲୁଆଣୀ	୬୭୮	ବେସରକାରୀ	ଡ୍ରାହି-୨	୦.୦୬୦	ସାଲଙ୍ଗାପୁ ମାଝି, ପି-ବୁଧରାଇ ମାଝି, କା-ସାଗାନ, ଗ୍ରା-ନିର୍ତ୍ତି
	କାଲୁଆଣୀ	୮୪୦	ବେସରକାରୀ	ଅଣୁ	୦.୦୭୦	ଲକ୍ଷ୍ମଣ ମାଝି, ପି-ଦିଗମ୍ବର ମାଝି, କା-ସାଗାନ, ଗ୍ରା-ନିର୍ତ୍ତି
	କାଲୁଆଣୀ	୬୩୦	ବେସରକାରୀ	ଅଣୁ	୦.୦୫୦	ଅର୍ଜୁନ ମାଝି, ପି-ସୁନ୍ଦର ମାଝି, କା-ସାଗାନ, ଗ୍ରା-ନିର୍ତ୍ତି
(See Next Page)
